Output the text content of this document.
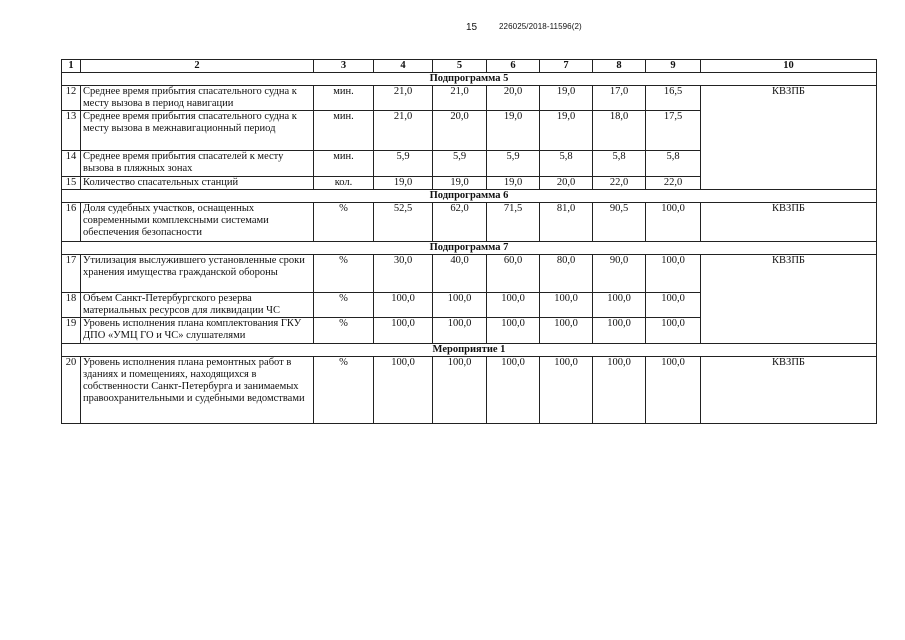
15	226025/2018-11596(2)
1	2	3	4	5	6	7	8	9	10
Подпрограмма 5									
12	Среднее время прибытия спасательного судна к месту вызова в период навигации	мин.	21,0	21,0	20,0	19,0	17,0	16,5	КВЗПБ
13	Среднее время прибытия спасательного судна к месту вызова в межнавигационный период	мин.	21,0	20,0	19,0	19,0	18,0	17,5	
14	Среднее время прибытия спасателей к месту вызова в пляжных зонах	мин.	5,9	5,9	5,9	5,8	5,8	5,8	
15	Количество спасательных станций	кол.	19,0	19,0	19,0	20,0	22,0	22,0	
Подпрограмма 6									
16	Доля судебных участков, оснащенных современными комплексными системами обеспечения безопасности	%	52,5	62,0	71,5	81,0	90,5	100,0	КВЗПБ
Подпрограмма 7									
17	Утилизация выслужившего установленные сроки хранения имущества гражданской обороны	%	30,0	40,0	60,0	80,0	90,0	100,0	КВЗПБ
18	Объем Санкт-Петербургского резерва материальных ресурсов для ликвидации ЧС	%	100,0	100,0	100,0	100,0	100,0	100,0	
19	Уровень исполнения плана комплектования ГКУ ДПО «УМЦ ГО и ЧС» слушателями	%	100,0	100,0	100,0	100,0	100,0	100,0	
Мероприятие 1									
20	Уровень исполнения плана ремонтных работ в зданиях и помещениях, находящихся в собственности Санкт-Петербурга и занимаемых правоохранительными и судебными ведомствами	%	100,0	100,0	100,0	100,0	100,0	100,0	КВЗПБ
